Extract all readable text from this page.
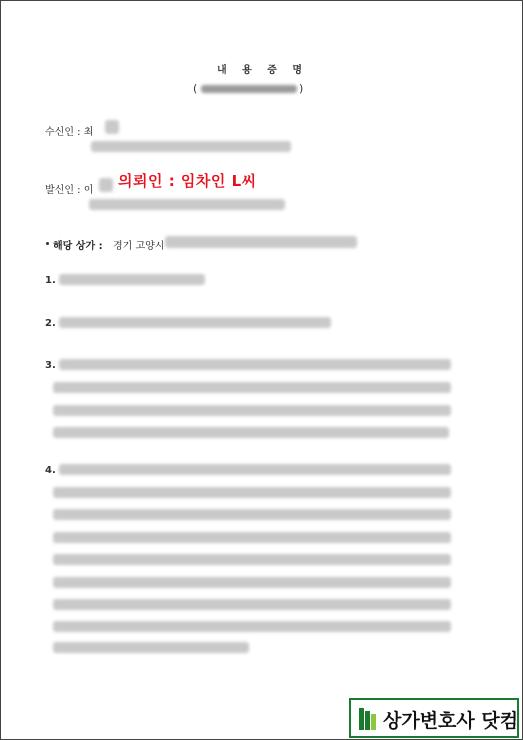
내 용 증 명
(	)
수신인 : 최
발신인 : 이
의뢰인 : 임차인 L씨
해당 상가 : 경기 고양시
1.
2.
3.
4.
상가변호사 닷컴
